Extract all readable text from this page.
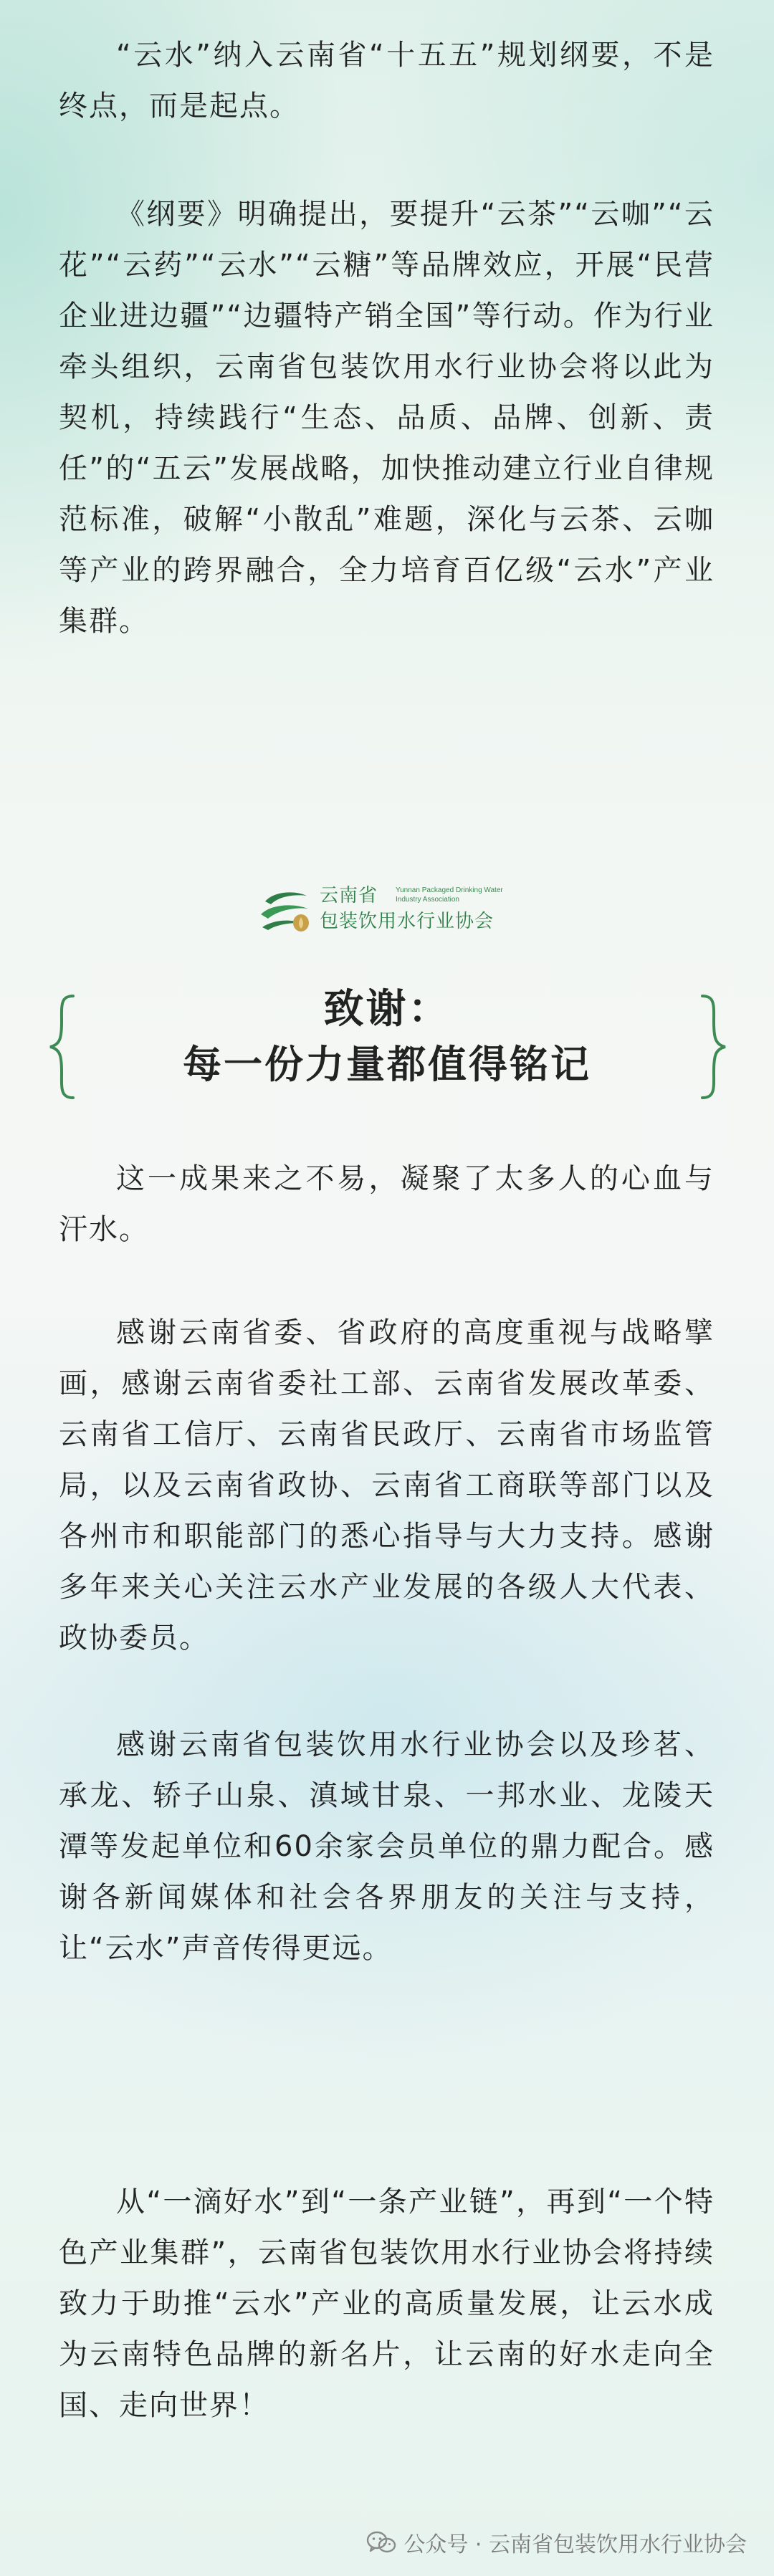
“云水”纳入云南省“十五五”规划纲要，不是终点，而是起点。

《纲要》明确提出，要提升“云茶”“云咖”“云花”“云药”“云水”“云糖”等品牌效应，开展“民营企业进边疆”“边疆特产销全国”等行动。作为行业牵头组织，云南省包装饮用水行业协会将以此为契机，持续践行“生态、品质、品牌、创新、责任”的“五云”发展战略，加快推动建立行业自律规范标准，破解“小散乱”难题，深化与云茶、云咖等产业的跨界融合，全力培育百亿级“云水”产业集群。

云南省 Yunnan Packaged Drinking Water Industry Association
包装饮用水行业协会
致谢：
每一份力量都值得铭记

这一成果来之不易，凝聚了太多人的心血与汗水。

感谢云南省委、省政府的高度重视与战略擘画，感谢云南省委社工部、云南省发展改革委、云南省工信厅、云南省民政厅、云南省市场监管局，以及云南省政协、云南省工商联等部门以及各州市和职能部门的悉心指导与大力支持。感谢多年来关心关注云水产业发展的各级人大代表、政协委员。

感谢云南省包装饮用水行业协会以及珍茗、承龙、轿子山泉、滇域甘泉、一邦水业、龙陵天潭等发起单位和60余家会员单位的鼎力配合。感谢各新闻媒体和社会各界朋友的关注与支持，让“云水”声音传得更远。

从“一滴好水”到“一条产业链”，再到“一个特色产业集群”，云南省包装饮用水行业协会将持续致力于助推“云水”产业的高质量发展，让云水成为云南特色品牌的新名片，让云南的好水走向全国、走向世界！

公众号 · 云南省包装饮用水行业协会
